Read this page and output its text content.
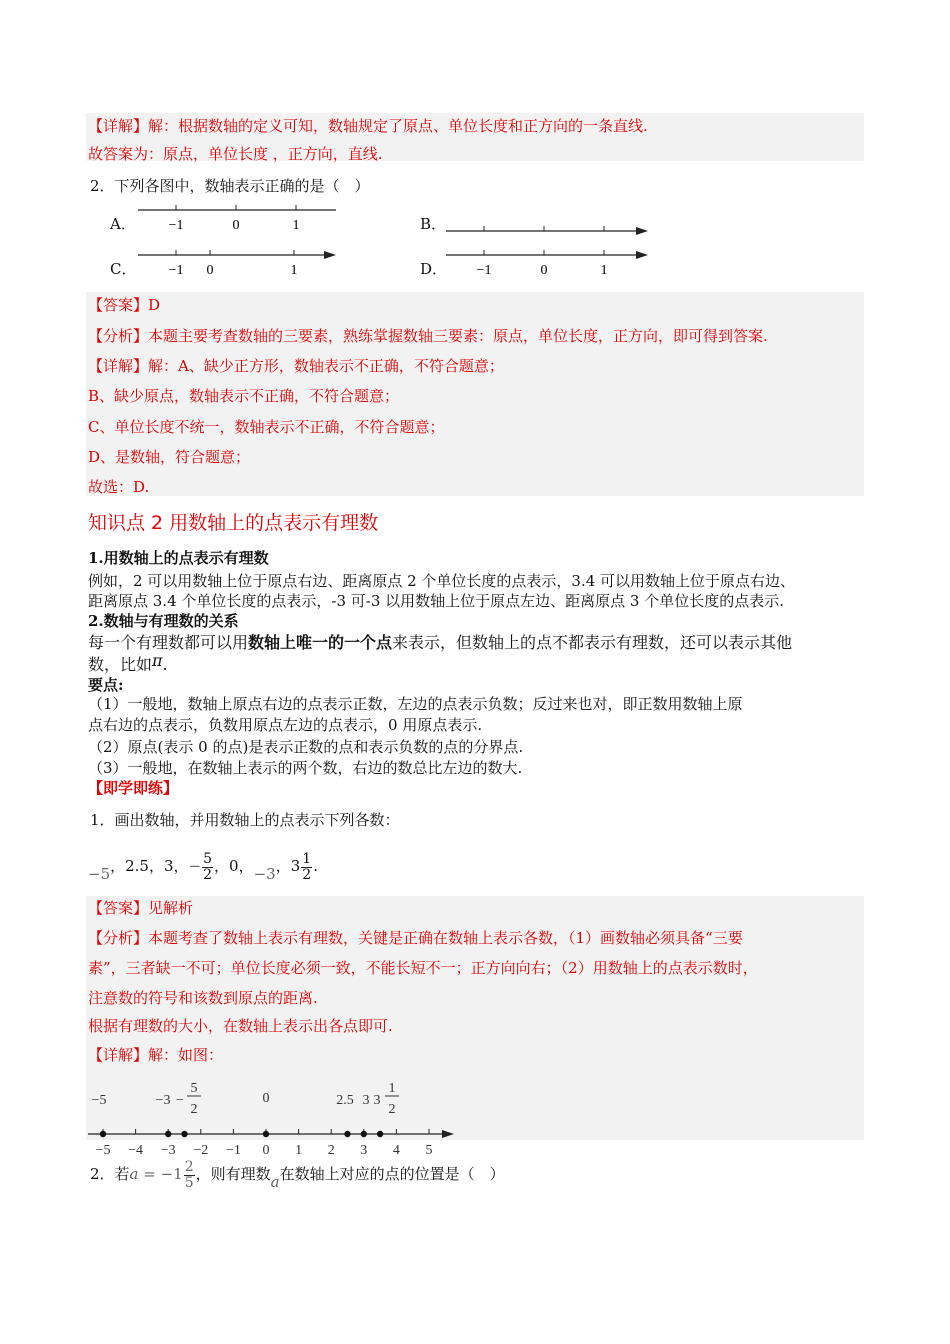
【详解】解：根据数轴的定义可知，数轴规定了原点、单位长度和正方向的一条直线.
故答案为：原点，单位长度 ，正方向，直线.
2．下列各图中，数轴表示正确的是（　）
A．	B．
C．	D．
−1	0	1
−1 0	1	−1	0	1
【答案】D
【分析】本题主要考查数轴的三要素，熟练掌握数轴三要素：原点，单位长度，正方向，即可得到答案.
【详解】解：A、缺少正方形，数轴表示不正确，不符合题意；
B、缺少原点，数轴表示不正确，不符合题意；
C、单位长度不统一，数轴表示不正确，不符合题意；
D、是数轴，符合题意；
故选：D.
知识点 2 用数轴上的点表示有理数
1.用数轴上的点表示有理数
例如，2 可以用数轴上位于原点右边、距离原点 2 个单位长度的点表示，3.4 可以用数轴上位于原点右边、
距离原点 3.4 个单位长度的点表示，-3 可-3 以用数轴上位于原点左边、距离原点 3 个单位长度的点表示.
2.数轴与有理数的关系
每一个有理数都可以用数轴上唯一的一个点来表示，但数轴上的点不都表示有理数，还可以表示其他
数，比如π.
要点:
（1）一般地，数轴上原点右边的点表示正数，左边的点表示负数；反过来也对，即正数用数轴上原
点右边的点表示，负数用原点左边的点表示，0 用原点表示.
（2）原点(表示 0 的点)是表示正数的点和表示负数的点的分界点.
（3）一般地，在数轴上表示的两个数，右边的数总比左边的数大.
【即学即练】
1．画出数轴，并用数轴上的点表示下列各数：
−5，2.5，3，− $\frac{5}{2}$ ，0，−3，$3 \frac{1}{2}$ .
【答案】见解析
【分析】本题考查了数轴上表示有理数，关键是正确在数轴上表示各数，（1）画数轴必须具备“三要
素”，三者缺一不可；单位长度必须一致，不能长短不一；正方向向右；（2）用数轴上的点表示数时，
注意数的符号和该数到原点的距离.
根据有理数的大小，在数轴上表示出各点即可.
【详解】解：如图：
−5	−3 −
5
2
0	2.5 3 3
1
2
−5 −4 −3 −2 −1 0 1 2 3 4 5
2．若$a = -1 \frac{2}{5}$ ，则有理数a在数轴上对应的点的位置是（　）
